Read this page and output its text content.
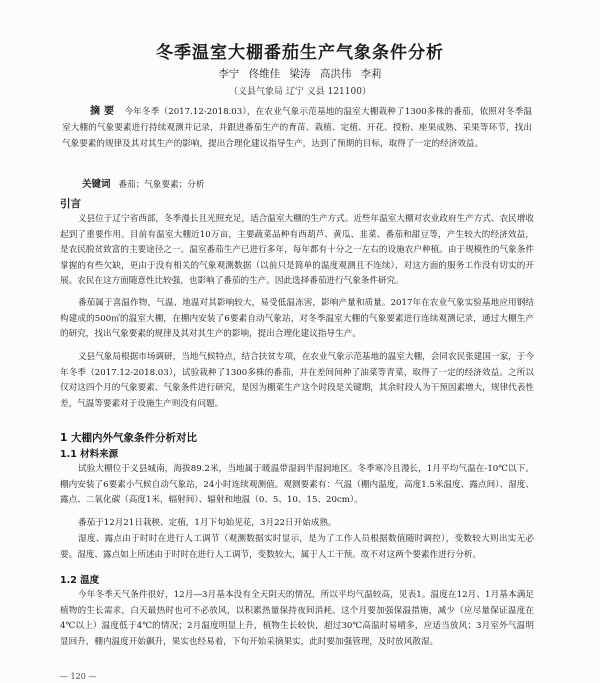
冬季温室大棚番茄生产气象条件分析
李宁 佟维佳 梁涛 高洪伟 李莉
（义县气象局 辽宁 义县 121100）
摘要 今年冬季（2017.12-2018.03），在农业气象示范基地的温室大棚栽种了1300多株的番茄，依照对冬季温室大棚的气象要素进行持续观测并记录，并跟进番茄生产的育苗、栽植、定植、开花、授粉、座果成熟、采果等环节，找出气象要素的规律及其对其生产的影响，提出合理化建议指导生产，达到了预期的目标，取得了一定的经济效益。
关键词 番茄；气象要素；分析
引言
义县位于辽宁省西部，冬季漫长且光照充足，适合温室大棚的生产方式。近些年温室大棚对农业政府生产方式、农民增收起到了重要作用。目前有温室大棚近10万亩，主要蔬菜品种有西葫芦、黄瓜、韭菜、番茄和甜豆等，产生较大的经济效益，是农民脱贫致富的主要途径之一。温室番茄生产已进行多年，每年都有十分之一左右的设施农户种植。由于规模性的气象条件掌握的有些欠缺，更由于没有相关的气象观测数据（以前只是简单的温度观测且不连续），对这方面的服务工作没有切实的开展。农民在这方面随意性比较强，也影响了番茄的生产。因此选择番茄进行气象条件研究。
番茄属于喜温作物，气温、地温对其影响较大，易受低温冻害，影响产量和质量。2017年在农业气象实验基地应用钢结构建成的500㎡的温室大棚，在棚内安装了6要素自动气象站，对冬季温室大棚的气象要素进行连续观测记录，通过大棚生产的研究，找出气象要素的规律及其对其生产的影响，提出合理化建议指导生产。
义县气象局根据市场调研，当地气候特点，结合扶贫专项，在农业气象示范基地的温室大棚，会同农民张建国一家，于今年冬季（2017.12-2018.03），试验栽种了1300多株的番茄，并在差间间种了油菜等青菜，取得了一定的经济效益。之所以仅对这四个月的气象要素、气象条件进行研究，是因为棚菜生产这个时段是关键期，其余时段人为干预因素增大，规律代表性差，气温等要素对于设施生产则没有问题。
1 大棚内外气象条件分析对比
1.1 材料来源
试验大棚位于义县城南，海拔89.2米，当地属于暖温带湿润半湿润地区。冬季寒冷且漫长，1月平均气温在-10℃以下。棚内安装了6要素小气候自动气象站，24小时连续观测值。观测要素有：气温（棚内温度，高度1.5米温度、露点间）、湿度、露点、二氧化碳（高度1米，辐射间）、辐射和地温（0、5、10、15、20cm）。
番茄于12月21日栽秧、定植，1月下旬始见花，3月22日开始成熟。
湿度、露点由于时时在进行人工调节（观测数据实时显示，是为了工作人员根据数值随时调控），变数较大则出实无必要。湿度、露点如上所述由于时时在进行人工调节，变数较大，属于人工干预。故不对这两个要素作进行分析。
1.2 温度
今年冬季天气条件很好，12月—3月基本没有全天阴天的情况，所以平均气温较高，见表1。温度在12月、1月基本满足植物的生长需求，白天最热时也可不必放风，以积累热量保持夜间消耗。这个月要加强保温措施，减少（应尽量保证温度在4℃以上）温度低于4℃的情况；2月温度明显上升，植物生长较快，超过30℃高温时易晴多，应适当放风；3月室外气温明显回升，棚内温度开始飙升，果实也经易着，下旬开始采摘果实，此时要加强管理，及时放风散湿。
— 120 —
